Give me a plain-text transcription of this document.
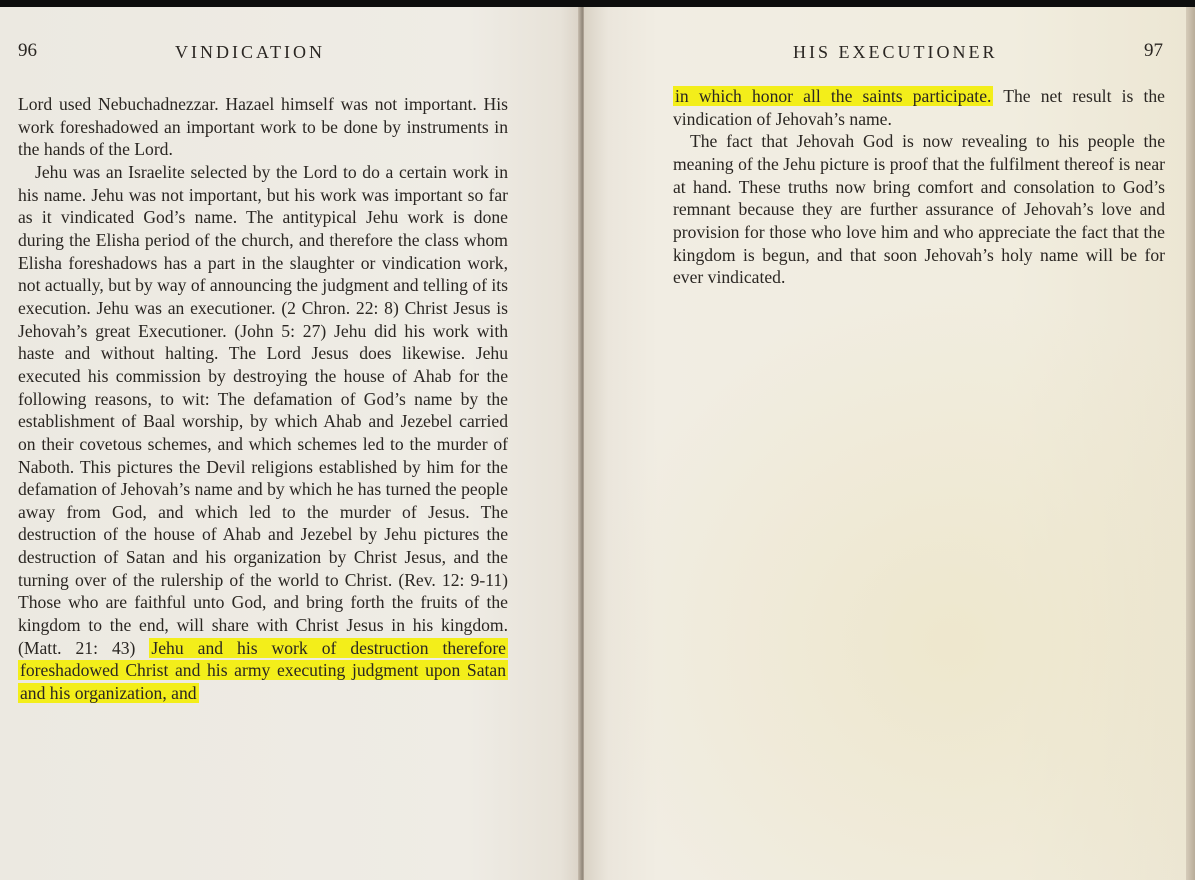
96	VINDICATION

Lord used Nebuchadnezzar. Hazael himself was not important. His work foreshadowed an important work to be done by instruments in the hands of the Lord.

Jehu was an Israelite selected by the Lord to do a certain work in his name. Jehu was not important, but his work was important so far as it vindicated God’s name. The antitypical Jehu work is done during the Elisha period of the church, and therefore the class whom Elisha foreshadows has a part in the slaughter or vindication work, not actually, but by way of announcing the judgment and telling of its execution. Jehu was an executioner. (2 Chron. 22: 8) Christ Jesus is Jehovah’s great Executioner. (John 5: 27) Jehu did his work with haste and without halting. The Lord Jesus does likewise. Jehu executed his commission by destroying the house of Ahab for the following reasons, to wit: The defamation of God’s name by the establishment of Baal worship, by which Ahab and Jezebel carried on their covetous schemes, and which schemes led to the murder of Naboth. This pictures the Devil religions established by him for the defamation of Jehovah’s name and by which he has turned the people away from God, and which led to the murder of Jesus. The destruction of the house of Ahab and Jezebel by Jehu pictures the destruction of Satan and his organization by Christ Jesus, and the turning over of the rulership of the world to Christ. (Rev. 12: 9-11) Those who are faithful unto God, and bring forth the fruits of the kingdom to the end, will share with Christ Jesus in his kingdom. (Matt. 21: 43) Jehu and his work of destruction therefore foreshadowed Christ and his army executing judgment upon Satan and his organization, and

HIS EXECUTIONER	97

in which honor all the saints participate. The net result is the vindication of Jehovah’s name.

The fact that Jehovah God is now revealing to his people the meaning of the Jehu picture is proof that the fulfilment thereof is near at hand. These truths now bring comfort and consolation to God’s remnant because they are further assurance of Jehovah’s love and provision for those who love him and who appreciate the fact that the kingdom is begun, and that soon Jehovah’s holy name will be for ever vindicated.
